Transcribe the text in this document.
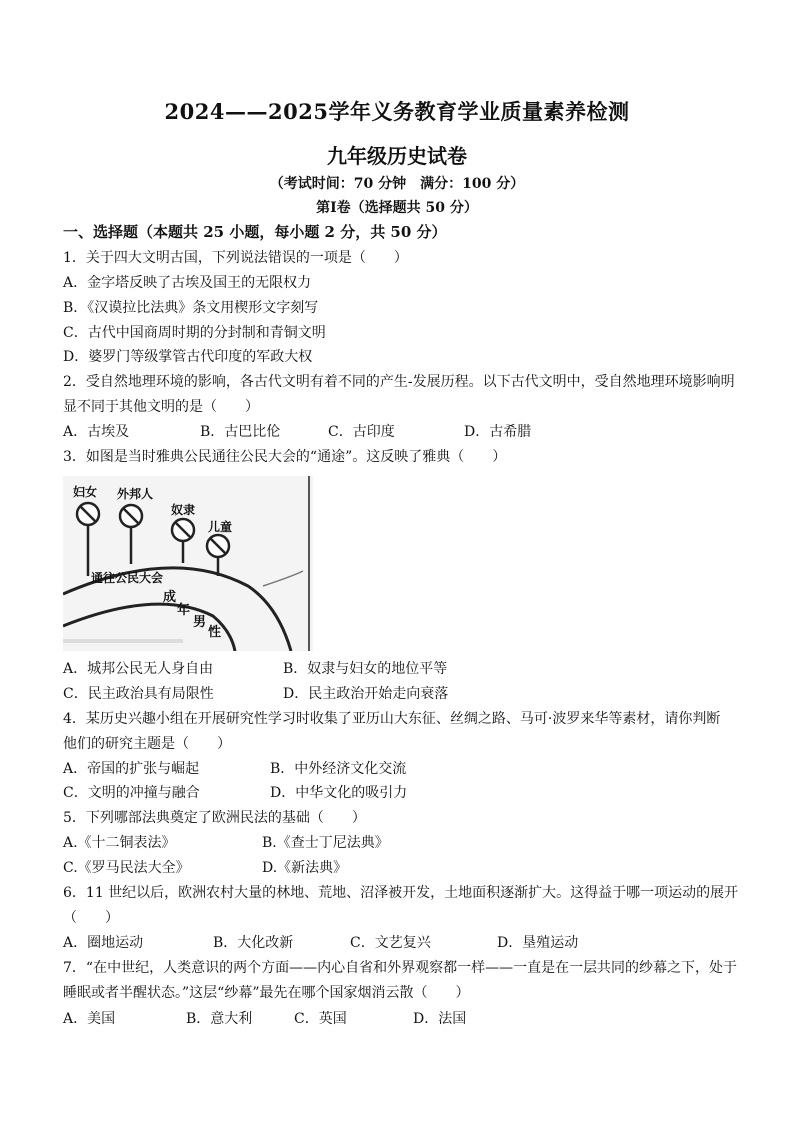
2024——2025学年义务教育学业质量素养检测
九年级历史试卷
（考试时间：70 分钟　满分：100 分）
第Ⅰ卷（选择题共 50 分）
一、选择题（本题共 25 小题，每小题 2 分，共 50 分）
1．关于四大文明古国，下列说法错误的一项是（　　）
A．金字塔反映了古埃及国王的无限权力
B．《汉谟拉比法典》条文用楔形文字刻写
C．古代中国商周时期的分封制和青铜文明
D．婆罗门等级掌管古代印度的军政大权
2．受自然地理环境的影响，各古代文明有着不同的产生-发展历程。以下古代文明中，受自然地理环境影响明
显不同于其他文明的是（　　）
A．古埃及	B．古巴比伦	C．古印度	D．古希腊
3．如图是当时雅典公民通往公民大会的“通途”。这反映了雅典（　　）
妇女 外邦人
奴隶
儿童
通往公民大会
成
年
男
性
A．城邦公民无人身自由	B．奴隶与妇女的地位平等
C．民主政治具有局限性	D．民主政治开始走向衰落
4．某历史兴趣小组在开展研究性学习时收集了亚历山大东征、丝绸之路、马可·波罗来华等素材，请你判断
他们的研究主题是（　　）
A．帝国的扩张与崛起	B．中外经济文化交流
C．文明的冲撞与融合	D．中华文化的吸引力
5．下列哪部法典奠定了欧洲民法的基础（　　）
A.《十二铜表法》	B.《查士丁尼法典》
C.《罗马民法大全》	D.《新法典》
6．11 世纪以后，欧洲农村大量的林地、荒地、沼泽被开发，土地面积逐渐扩大。这得益于哪一项运动的展开
（　　）
A．圈地运动	B．大化改新	C．文艺复兴	D．垦殖运动
7．“在中世纪，人类意识的两个方面——内心自省和外界观察都一样——一直是在一层共同的纱幕之下，处于
睡眠或者半醒状态。”这层“纱幕”最先在哪个国家烟消云散（　　）
A．美国	B．意大利	C．英国	D．法国
